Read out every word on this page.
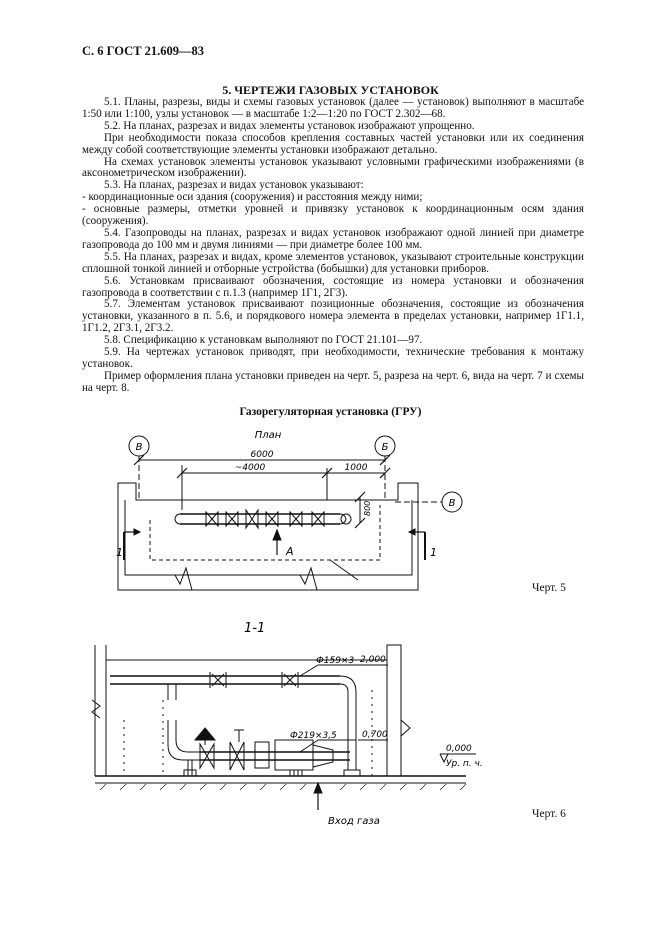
С. 6 ГОСТ 21.609—83
5. ЧЕРТЕЖИ ГАЗОВЫХ УСТАНОВОК

5.1. Планы, разрезы, виды и схемы газовых установок (далее — установок) выполняют в масштабе 1:50 или 1:100, узлы установок — в масштабе 1:2—1:20 по ГОСТ 2.302—68.

5.2. На планах, разрезах и видах элементы установок изображают упрощенно.

При необходимости показа способов крепления составных частей установки или их соединения между собой соответствующие элементы установки изображают детально.

На схемах установок элементы установок указывают условными графическими изображениями (в аксонометрическом изображении).

5.3. На планах, разрезах и видах установок указывают:

- координационные оси здания (сооружения) и расстояния между ними;

- основные размеры, отметки уровней и привязку установок к координационным осям здания (сооружения).

5.4. Газопроводы на планах, разрезах и видах установок изображают одной линией при диаметре газопровода до 100 мм и двумя линиями — при диаметре более 100 мм.

5.5. На планах, разрезах и видах, кроме элементов установок, указывают строительные конструкции сплошной тонкой линией и отборные устройства (бобышки) для установки приборов.

5.6. Установкам присваивают обозначения, состоящие из номера установки и обозначения газопровода в соответствии с п.1.3 (например 1Г1, 2Г3).

5.7. Элементам установок присваивают позиционные обозначения, состоящие из обозначения установки, указанного в п. 5.6, и порядкового номера элемента в пределах установки, например 1Г1.1, 1Г1.2, 2Г3.1, 2Г3.2.

5.8. Спецификацию к установкам выполняют по ГОСТ 21.101—97.

5.9. На чертежах установок приводят, при необходимости, технические требования к монтажу установок.

Пример оформления плана установки приведен на черт. 5, разреза на черт. 6, вида на черт. 7 и схемы на черт. 8.

Газорегуляторная установка (ГРУ)
План
В	Б
В
6000
~4000	1000
800
А
1	1
1-1
Ф159×3
Ф219×3,5
2,000
0,700
0,000
Ур. п. ч.
Вход газа
Черт. 5
Черт. 6
